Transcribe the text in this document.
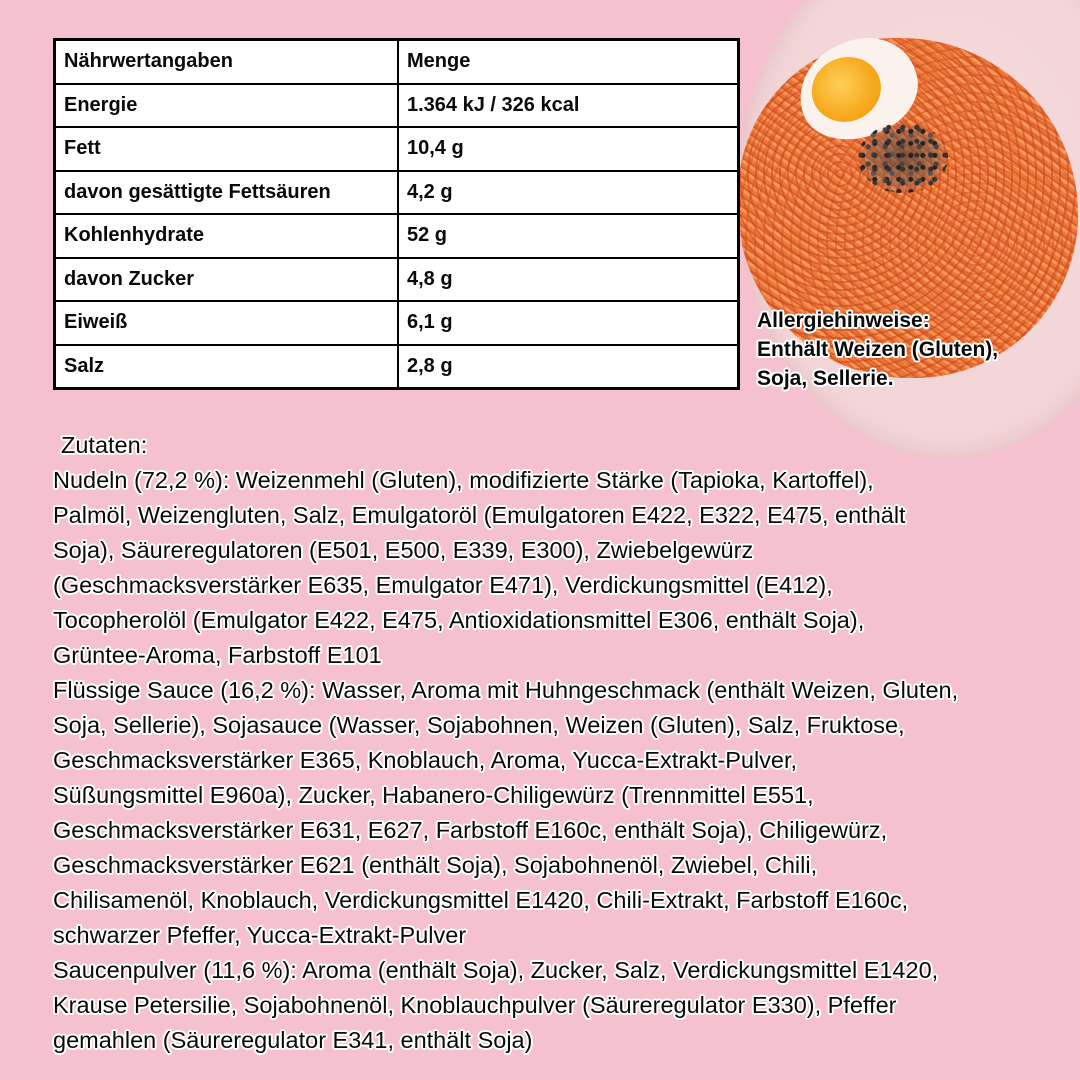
Nährwertangaben	Menge
Energie	1.364 kJ / 326 kcal
Fett	10,4 g
davon gesättigte Fettsäuren	4,2 g
Kohlenhydrate	52 g
davon Zucker	4,8 g
Eiweiß	6,1 g
Salz	2,8 g
Allergiehinweise:
Enthält Weizen (Gluten),
Soja, Sellerie.
Zutaten:
Nudeln (72,2 %): Weizenmehl (Gluten), modifizierte Stärke (Tapioka, Kartoffel),
Palmöl, Weizengluten, Salz, Emulgatoröl (Emulgatoren E422, E322, E475, enthält
Soja), Säureregulatoren (E501, E500, E339, E300), Zwiebelgewürz
(Geschmacksverstärker E635, Emulgator E471), Verdickungsmittel (E412),
Tocopherolöl (Emulgator E422, E475, Antioxidationsmittel E306, enthält Soja),
Grüntee-Aroma, Farbstoff E101
Flüssige Sauce (16,2 %): Wasser, Aroma mit Huhngeschmack (enthält Weizen, Gluten,
Soja, Sellerie), Sojasauce (Wasser, Sojabohnen, Weizen (Gluten), Salz, Fruktose,
Geschmacksverstärker E365, Knoblauch, Aroma, Yucca-Extrakt-Pulver,
Süßungsmittel E960a), Zucker, Habanero-Chiligewürz (Trennmittel E551,
Geschmacksverstärker E631, E627, Farbstoff E160c, enthält Soja), Chiligewürz,
Geschmacksverstärker E621 (enthält Soja), Sojabohnenöl, Zwiebel, Chili,
Chilisamenöl, Knoblauch, Verdickungsmittel E1420, Chili-Extrakt, Farbstoff E160c,
schwarzer Pfeffer, Yucca-Extrakt-Pulver
Saucenpulver (11,6 %): Aroma (enthält Soja), Zucker, Salz, Verdickungsmittel E1420,
Krause Petersilie, Sojabohnenöl, Knoblauchpulver (Säureregulator E330), Pfeffer
gemahlen (Säureregulator E341, enthält Soja)
